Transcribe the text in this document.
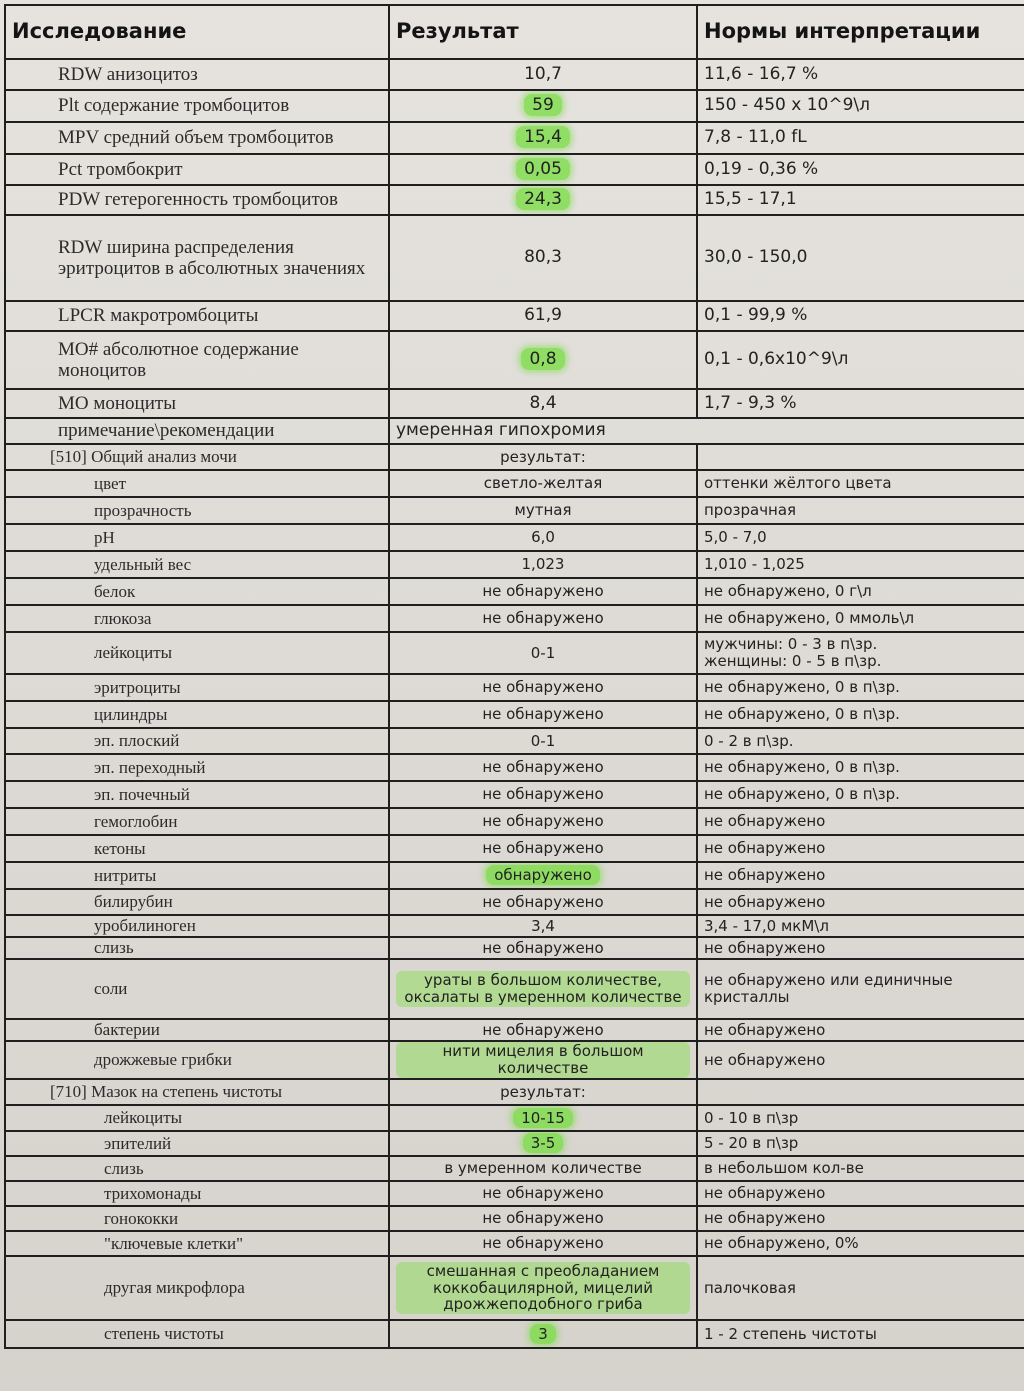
Исследование	Результат	Нормы интерпретации
RDW анизоцитоз	10,7	11,6 - 16,7 %
Plt содержание тромбоцитов	59	150 - 450 x 10^9\л
MPV средний объем тромбоцитов	15,4	7,8 - 11,0 fL
Pct тромбокрит	0,05	0,19 - 0,36 %
PDW гетерогенность тромбоцитов	24,3	15,5 - 17,1
RDW ширина распределения эритроцитов в абсолютных значениях	80,3	30,0 - 150,0
LPCR макротромбоциты	61,9	0,1 - 99,9 %
MO# абсолютное содержание моноцитов	0,8	0,1 - 0,6x10^9\л
MO моноциты	8,4	1,7 - 9,3 %
примечание\рекомендации	умеренная гипохромия	
[510] Общий анализ мочи	результат:	
цвет	светло-желтая	оттенки жёлтого цвета
прозрачность	мутная	прозрачная
pH	6,0	5,0 - 7,0
удельный вес	1,023	1,010 - 1,025
белок	не обнаружено	не обнаружено, 0 г\л
глюкоза	не обнаружено	не обнаружено, 0 ммоль\л
лейкоциты	0-1	мужчины: 0 - 3 в п\зр.
женщины: 0 - 5 в п\зр.
эритроциты	не обнаружено	не обнаружено, 0 в п\зр.
цилиндры	не обнаружено	не обнаружено, 0 в п\зр.
эп. плоский	0-1	0 - 2 в п\зр.
эп. переходный	не обнаружено	не обнаружено, 0 в п\зр.
эп. почечный	не обнаружено	не обнаружено, 0 в п\зр.
гемоглобин	не обнаружено	не обнаружено
кетоны	не обнаружено	не обнаружено
нитриты	обнаружено	не обнаружено
билирубин	не обнаружено	не обнаружено
уробилиноген	3,4	3,4 - 17,0 мкМ\л
слизь	не обнаружено	не обнаружено
соли	ураты в большом количестве, оксалаты в умеренном количестве	не обнаружено или единичные кристаллы
бактерии	не обнаружено	не обнаружено
дрожжевые грибки	нити мицелия в большом количестве	не обнаружено
[710] Мазок на степень чистоты	результат:	
лейкоциты	10-15	0 - 10 в п\зр
эпителий	3-5	5 - 20 в п\зр
слизь	в умеренном количестве	в небольшом кол-ве
трихомонады	не обнаружено	не обнаружено
гонококки	не обнаружено	не обнаружено
"ключевые клетки"	не обнаружено	не обнаружено, 0%
другая микрофлора	смешанная с преобладанием коккобацилярной, мицелий дрожжеподобного гриба	палочковая
степень чистоты	3	1 - 2 степень чистоты
